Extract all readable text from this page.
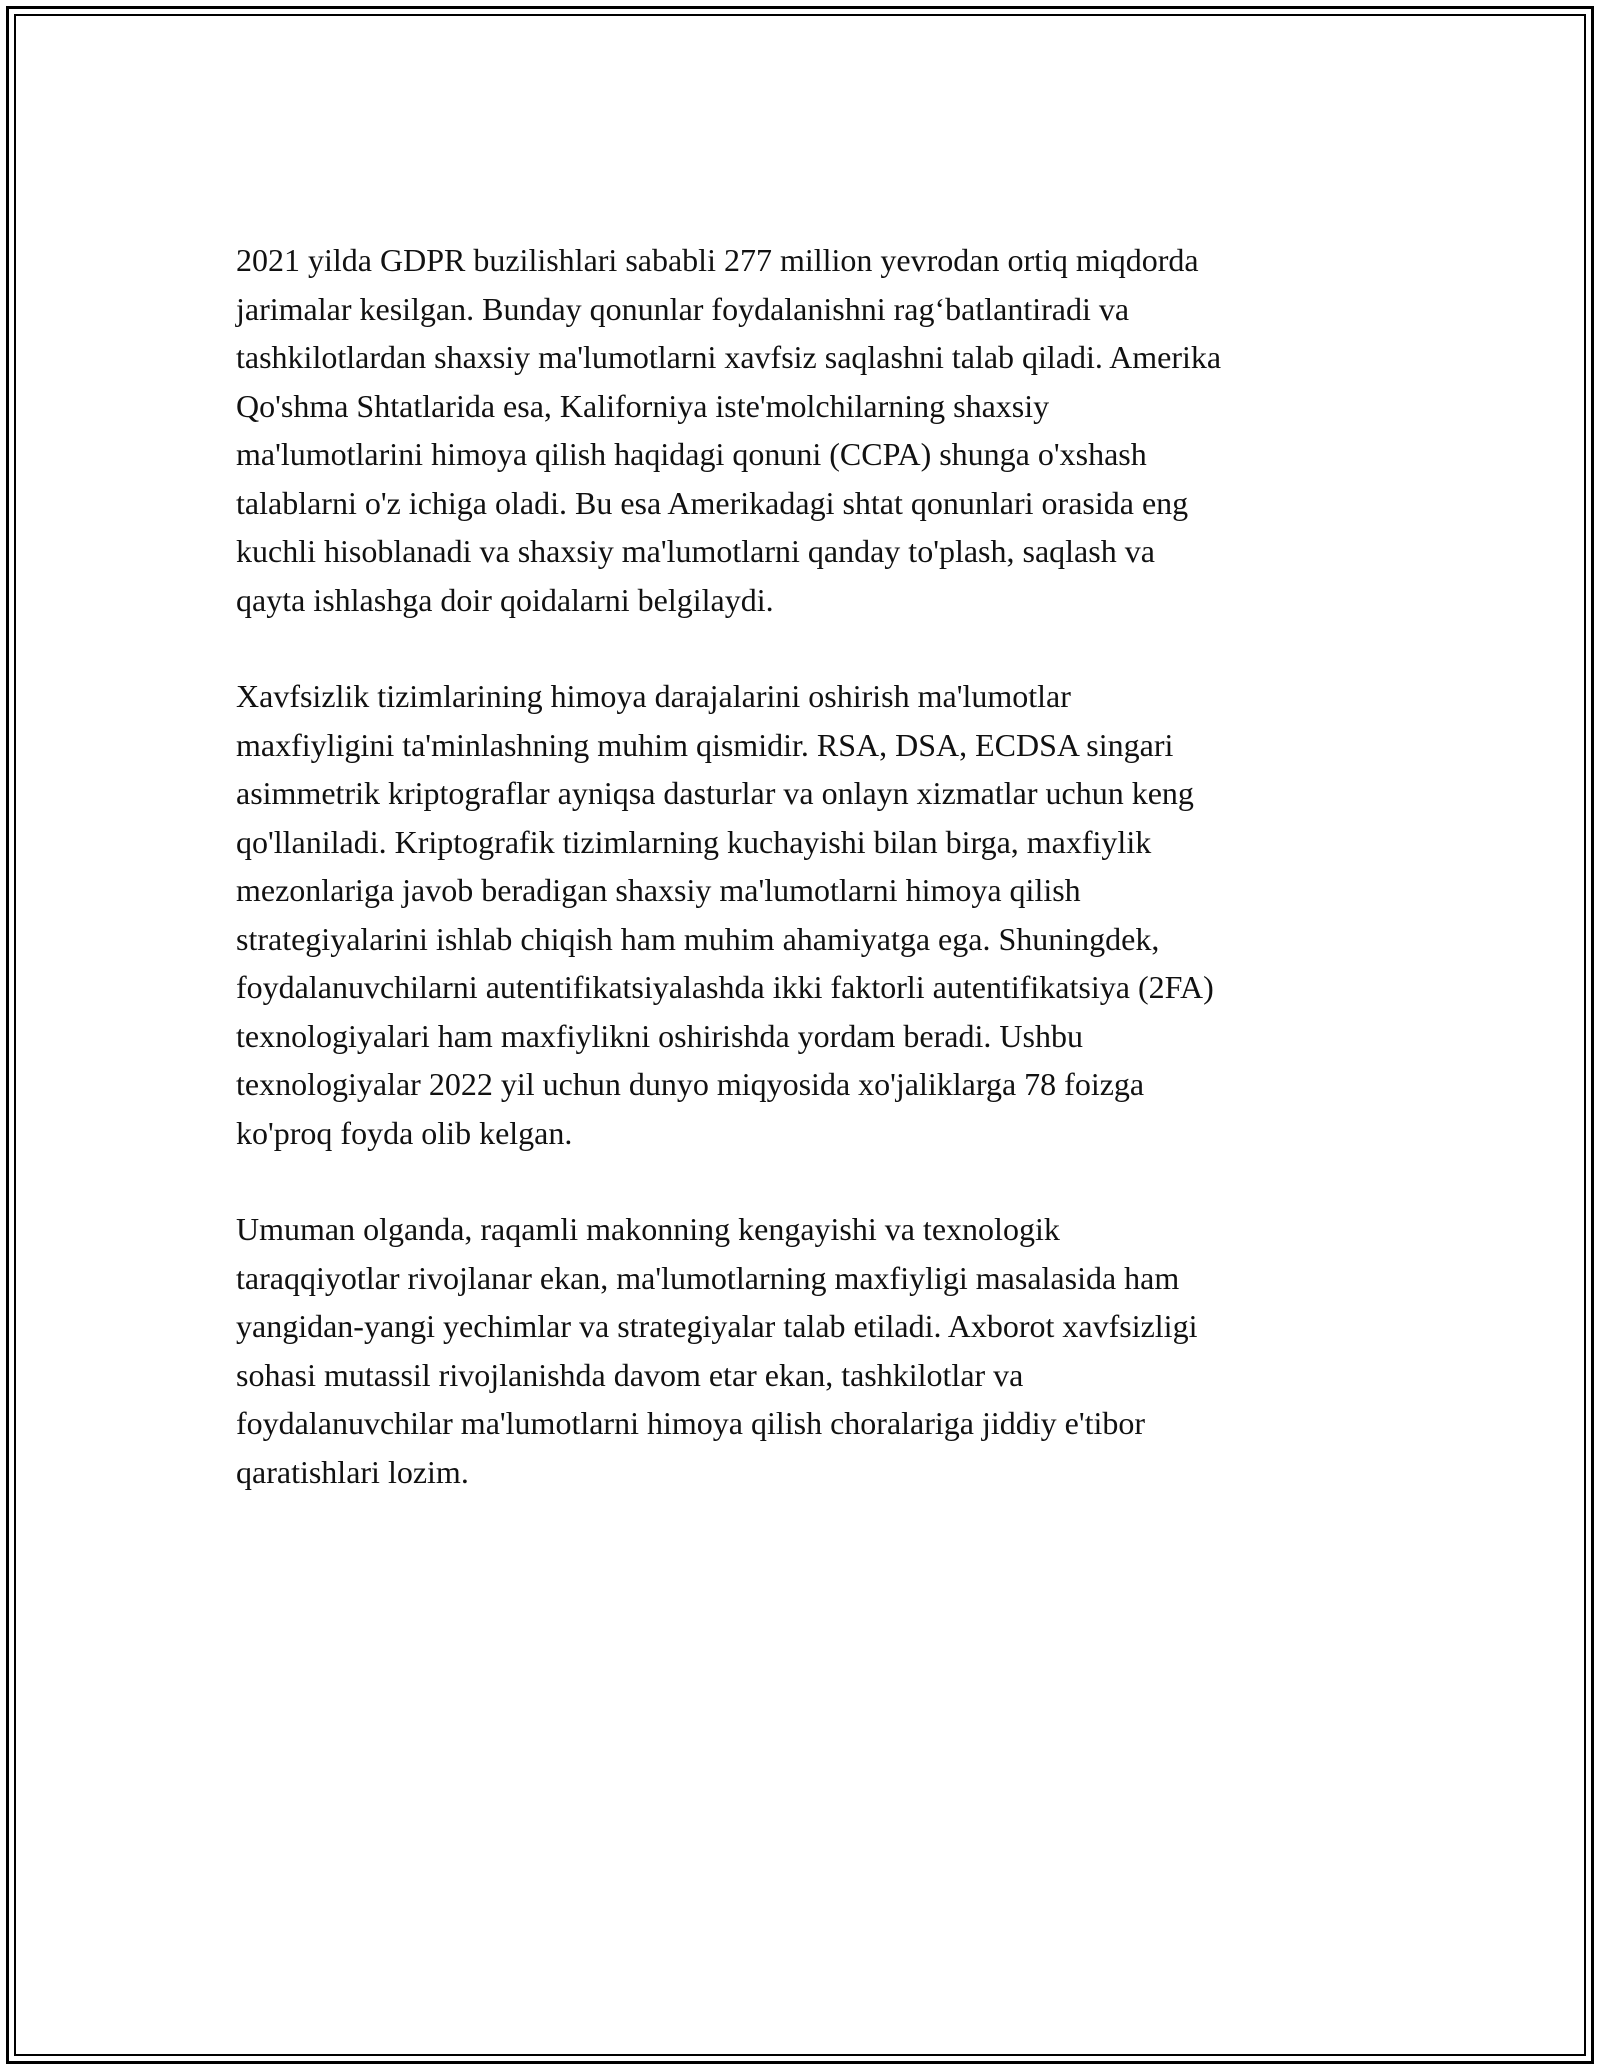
2021 yilda GDPR buzilishlari sababli 277 million yevrodan ortiq miqdorda
jarimalar kesilgan. Bunday qonunlar foydalanishni rag‘batlantiradi va
tashkilotlardan shaxsiy ma'lumotlarni xavfsiz saqlashni talab qiladi. Amerika
Qo'shma Shtatlarida esa, Kaliforniya iste'molchilarning shaxsiy
ma'lumotlarini himoya qilish haqidagi qonuni (CCPA) shunga o'xshash
talablarni o'z ichiga oladi. Bu esa Amerikadagi shtat qonunlari orasida eng
kuchli hisoblanadi va shaxsiy ma'lumotlarni qanday to'plash, saqlash va
qayta ishlashga doir qoidalarni belgilaydi.

Xavfsizlik tizimlarining himoya darajalarini oshirish ma'lumotlar
maxfiyligini ta'minlashning muhim qismidir. RSA, DSA, ECDSA singari
asimmetrik kriptograflar ayniqsa dasturlar va onlayn xizmatlar uchun keng
qo'llaniladi. Kriptografik tizimlarning kuchayishi bilan birga, maxfiylik
mezonlariga javob beradigan shaxsiy ma'lumotlarni himoya qilish
strategiyalarini ishlab chiqish ham muhim ahamiyatga ega. Shuningdek,
foydalanuvchilarni autentifikatsiyalashda ikki faktorli autentifikatsiya (2FA)
texnologiyalari ham maxfiylikni oshirishda yordam beradi. Ushbu
texnologiyalar 2022 yil uchun dunyo miqyosida xo'jaliklarga 78 foizga
ko'proq foyda olib kelgan.

Umuman olganda, raqamli makonning kengayishi va texnologik
taraqqiyotlar rivojlanar ekan, ma'lumotlarning maxfiyligi masalasida ham
yangidan-yangi yechimlar va strategiyalar talab etiladi. Axborot xavfsizligi
sohasi mutassil rivojlanishda davom etar ekan, tashkilotlar va
foydalanuvchilar ma'lumotlarni himoya qilish choralariga jiddiy e'tibor
qaratishlari lozim.
